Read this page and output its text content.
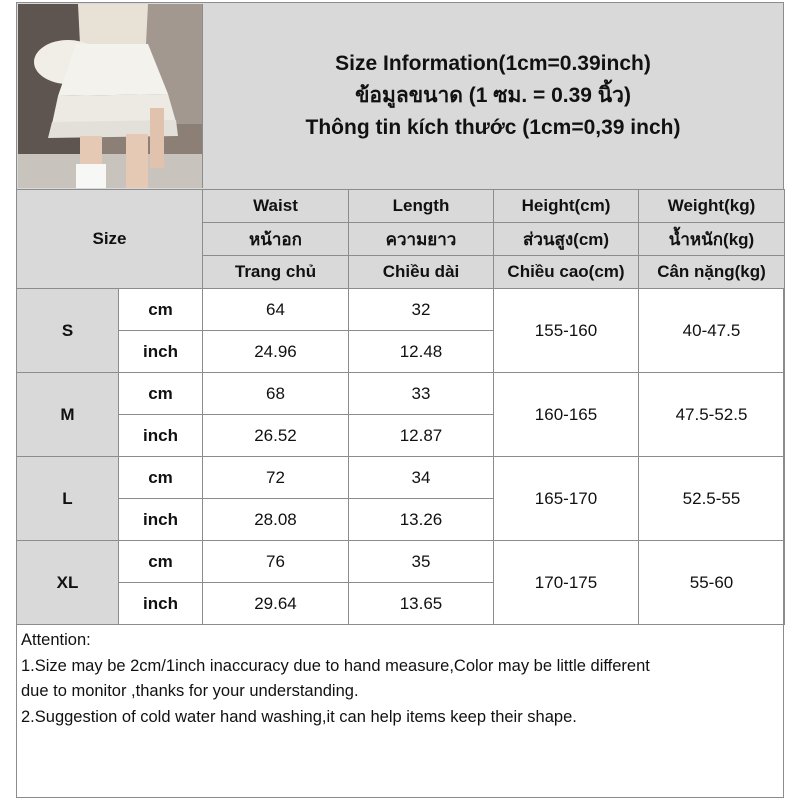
Size Information(1cm=0.39inch)
ข้อมูลขนาด (1 ซม. = 0.39 นิ้ว)
Thông tin kích thước (1cm=0,39 inch)
Size		Waist	Length	Height(cm)	Weight(kg)
		หน้าอก	ความยาว	ส่วนสูง(cm)	น้ำหนัก(kg)
		Trang chủ	Chiều dài	Chiều cao(cm)	Cân nặng(kg)
S	cm	64	32	155-160	40-47.5
	inch	24.96	12.48		
M	cm	68	33	160-165	47.5-52.5
	inch	26.52	12.87		
L	cm	72	34	165-170	52.5-55
	inch	28.08	13.26		
XL	cm	76	35	170-175	55-60
	inch	29.64	13.65		
Attention:
1.Size may be 2cm/1inch inaccuracy due to hand measure,Color may be little different
due to monitor ,thanks for your understanding.
2.Suggestion of cold water hand washing,it can help items keep their shape.
